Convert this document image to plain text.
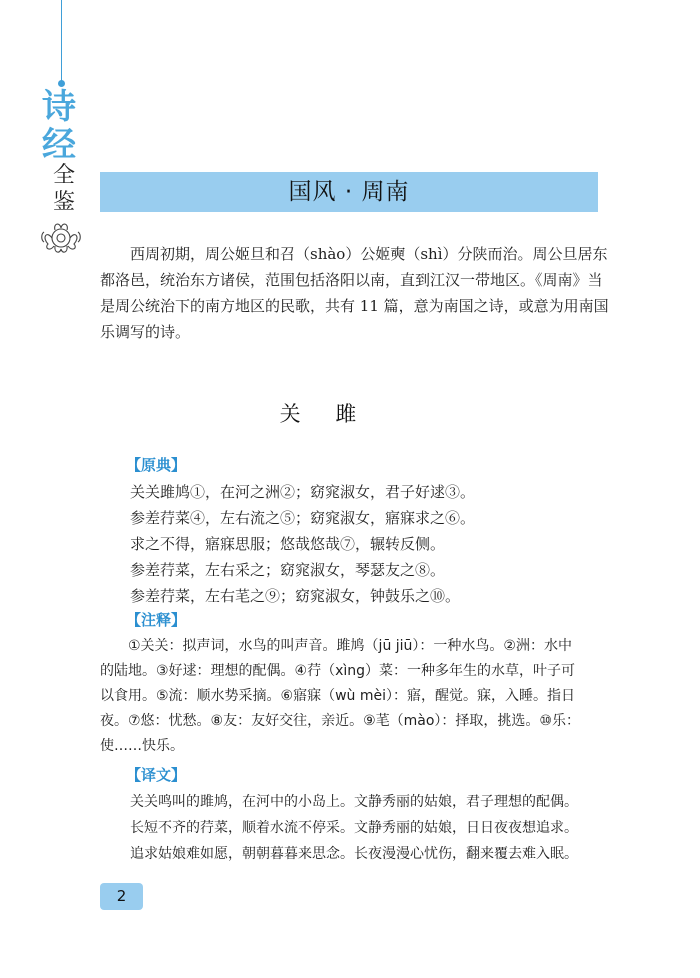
诗
经
全
鉴	国风 · 周南
西周初期，周公姬旦和召（shào）公姬奭（shì）分陕而治。周公旦居东
都洛邑，统治东方诸侯，范围包括洛阳以南，直到江汉一带地区。《周南》当
是周公统治下的南方地区的民歌，共有 11 篇，意为南国之诗，或意为用南国
乐调写的诗。
关 雎
【原典】
关关雎鸠①，在河之洲②；窈窕淑女，君子好逑③。
参差荇菜④，左右流之⑤；窈窕淑女，寤寐求之⑥。
求之不得，寤寐思服；悠哉悠哉⑦，辗转反侧。
参差荇菜，左右采之；窈窕淑女，琴瑟友之⑧。
参差荇菜，左右芼之⑨；窈窕淑女，钟鼓乐之⑩。
【注释】
　　①关关：拟声词，水鸟的叫声音。雎鸠（jū jiū）：一种水鸟。②洲：水中
的陆地。③好逑：理想的配偶。④荇（xìng）菜：一种多年生的水草，叶子可
以食用。⑤流：顺水势采摘。⑥寤寐（wù mèi）：寤，醒觉。寐，入睡。指日
夜。⑦悠：忧愁。⑧友：友好交往，亲近。⑨芼（mào）：择取，挑选。⑩乐：
使……快乐。
【译文】
关关鸣叫的雎鸠，在河中的小岛上。文静秀丽的姑娘，君子理想的配偶。
长短不齐的荇菜，顺着水流不停采。文静秀丽的姑娘，日日夜夜想追求。
追求姑娘难如愿，朝朝暮暮来思念。长夜漫漫心忧伤，翻来覆去难入眠。
2
